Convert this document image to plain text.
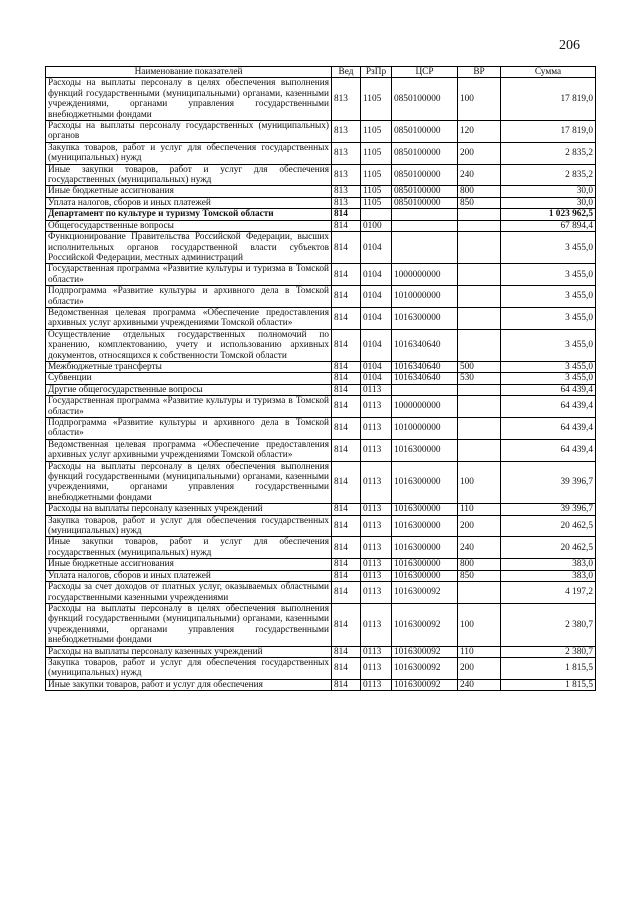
206
Наименование показателей	Вед	РзПр	ЦСР	ВР	Сумма
Расходы на выплаты персоналу в целях обеспечения выполнения функций государственными (муниципальными) органами, казенными учреждениями, органами управления государственными внебюджетными фондами	813	1105	0850100000	100	17 819,0
Расходы на выплаты персоналу государственных (муниципальных) органов	813	1105	0850100000	120	17 819,0
Закупка товаров, работ и услуг для обеспечения государственных (муниципальных) нужд	813	1105	0850100000	200	2 835,2
Иные закупки товаров, работ и услуг для обеспечения государственных (муниципальных) нужд	813	1105	0850100000	240	2 835,2
Иные бюджетные ассигнования	813	1105	0850100000	800	30,0
Уплата налогов, сборов и иных платежей	813	1105	0850100000	850	30,0
Департамент по культуре и туризму Томской области	814				1 023 962,5
Общегосударственные вопросы	814	0100			67 894,4
Функционирование Правительства Российской Федерации, высших исполнительных органов государственной власти субъектов Российской Федерации, местных администраций	814	0104			3 455,0
Государственная программа «Развитие культуры и туризма в Томской области»	814	0104	1000000000		3 455,0
Подпрограмма «Развитие культуры и архивного дела в Томской области»	814	0104	1010000000		3 455,0
Ведомственная целевая программа «Обеспечение предоставления архивных услуг архивными учреждениями Томской области»	814	0104	1016300000		3 455,0
Осуществление отдельных государственных полномочий по хранению, комплектованию, учету и использованию архивных документов, относящихся к собственности Томской области	814	0104	1016340640		3 455,0
Межбюджетные трансферты	814	0104	1016340640	500	3 455,0
Субвенции	814	0104	1016340640	530	3 455,0
Другие общегосударственные вопросы	814	0113			64 439,4
Государственная программа «Развитие культуры и туризма в Томской области»	814	0113	1000000000		64 439,4
Подпрограмма «Развитие культуры и архивного дела в Томской области»	814	0113	1010000000		64 439,4
Ведомственная целевая программа «Обеспечение предоставления архивных услуг архивными учреждениями Томской области»	814	0113	1016300000		64 439,4
Расходы на выплаты персоналу в целях обеспечения выполнения функций государственными (муниципальными) органами, казенными учреждениями, органами управления государственными внебюджетными фондами	814	0113	1016300000	100	39 396,7
Расходы на выплаты персоналу казенных учреждений	814	0113	1016300000	110	39 396,7
Закупка товаров, работ и услуг для обеспечения государственных (муниципальных) нужд	814	0113	1016300000	200	20 462,5
Иные закупки товаров, работ и услуг для обеспечения государственных (муниципальных) нужд	814	0113	1016300000	240	20 462,5
Иные бюджетные ассигнования	814	0113	1016300000	800	383,0
Уплата налогов, сборов и иных платежей	814	0113	1016300000	850	383,0
Расходы за счет доходов от платных услуг, оказываемых областными государственными казенными учреждениями	814	0113	1016300092		4 197,2
Расходы на выплаты персоналу в целях обеспечения выполнения функций государственными (муниципальными) органами, казенными учреждениями, органами управления государственными внебюджетными фондами	814	0113	1016300092	100	2 380,7
Расходы на выплаты персоналу казенных учреждений	814	0113	1016300092	110	2 380,7
Закупка товаров, работ и услуг для обеспечения государственных (муниципальных) нужд	814	0113	1016300092	200	1 815,5
Иные закупки товаров, работ и услуг для обеспечения	814	0113	1016300092	240	1 815,5
